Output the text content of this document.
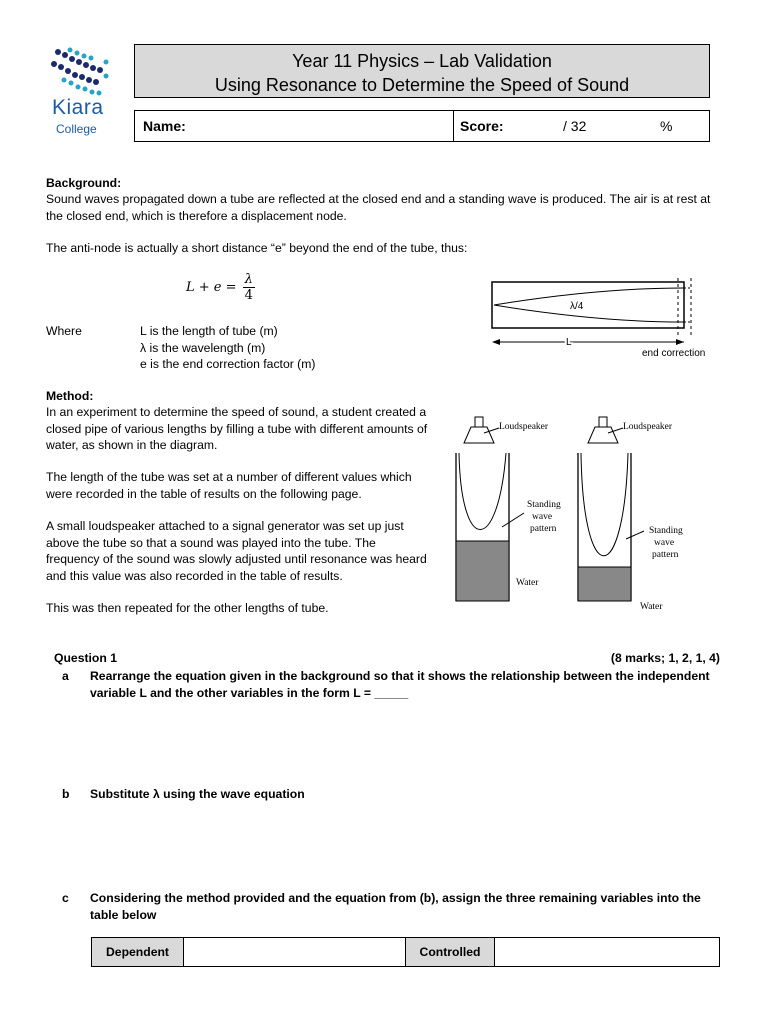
Kiara
College
Year 11 Physics – Lab Validation
Using Resonance to Determine the Speed of Sound
Name:	Score:	/ 32	%
Background:
Sound waves propagated down a tube are reflected at the closed end and a standing wave is produced. The air is at rest at the closed end, which is therefore a displacement node.
The anti-node is actually a short distance “e” beyond the end of the tube, thus:
$L + e = \frac{\lambda}{4}$
Where	L is the length of tube (m)
λ is the wavelength (m)
e is the end correction factor (m)
λ/4
L
end correction
Method:
In an experiment to determine the speed of sound, a student created a closed pipe of various lengths by filling a tube with different amounts of water, as shown in the diagram.
The length of the tube was set at a number of different values which were recorded in the table of results on the following page.
A small loudspeaker attached to a signal generator was set up just above the tube so that a sound was played into the tube. The frequency of the sound was slowly adjusted until resonance was heard and this value was also recorded in the table of results.
This was then repeated for the other lengths of tube.
Loudspeaker	Loudspeaker
Standing
wave
pattern
Water
Standing
wave
pattern
Water
Question 1	(8 marks; 1, 2, 1, 4)
a Rearrange the equation given in the background so that it shows the relationship between the independent
variable L and the other variables in the form L = _____
b Substitute λ using the wave equation
c Considering the method provided and the equation from (b), assign the three remaining variables into the
table below
Dependent	Controlled
